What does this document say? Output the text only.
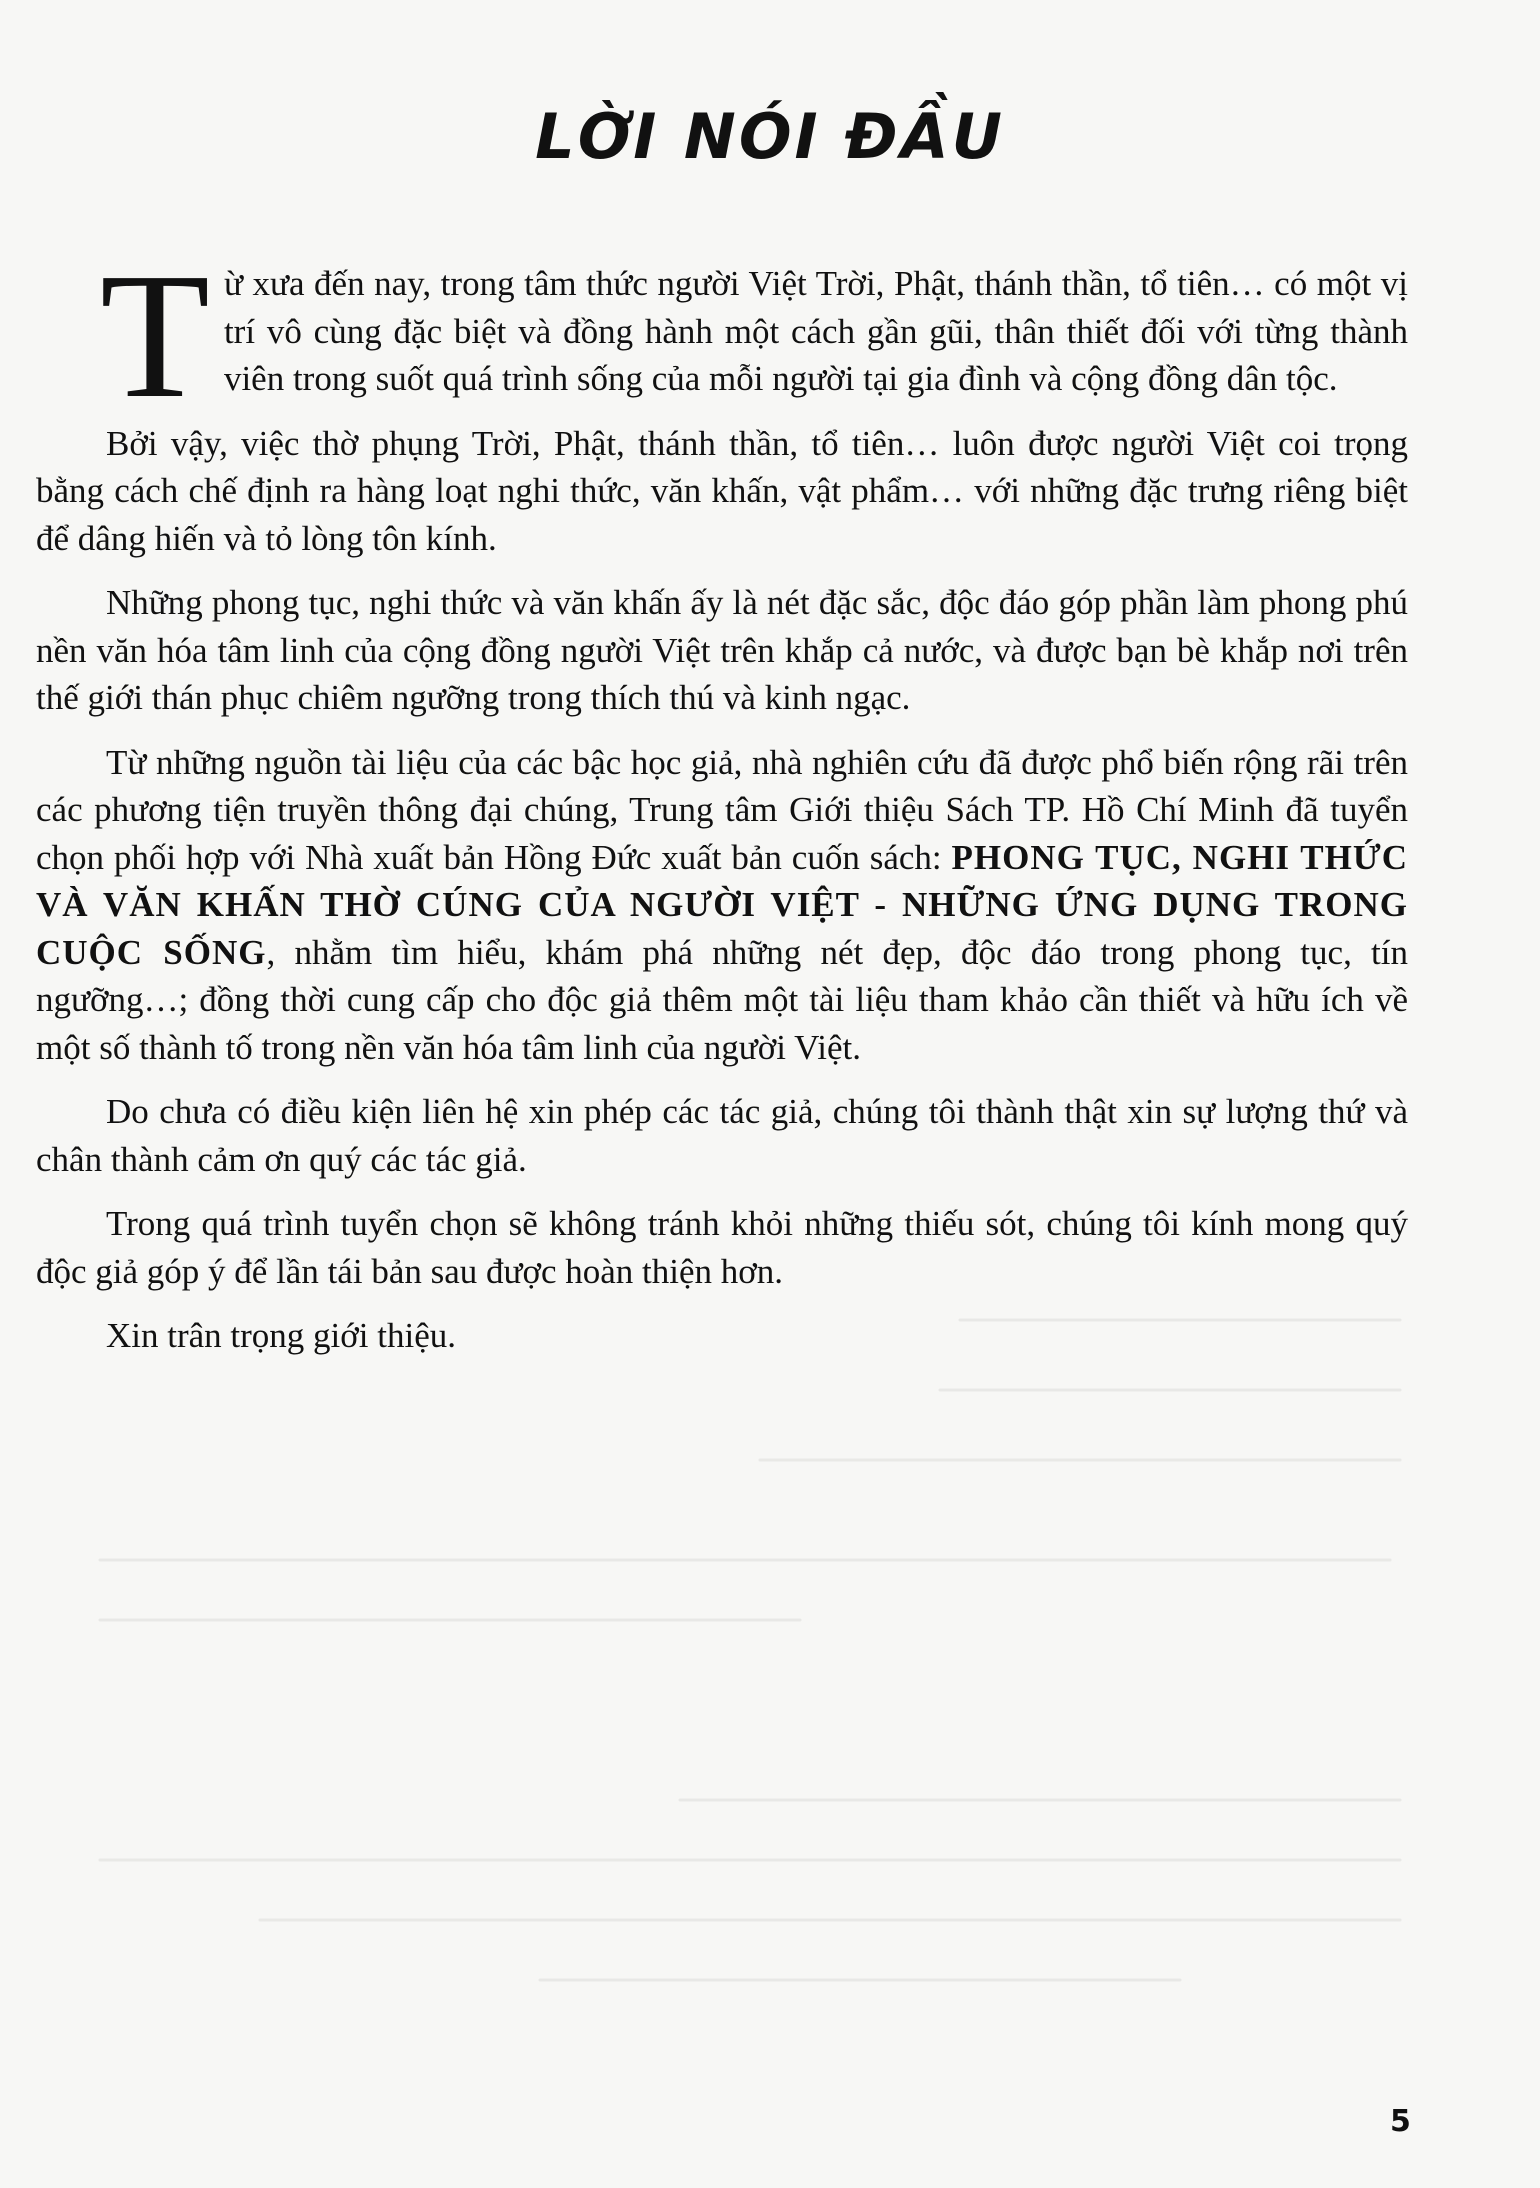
LỜI NÓI ĐẦU

Từ xưa đến nay, trong tâm thức người Việt Trời, Phật, thánh thần, tổ tiên… có một vị trí vô cùng đặc biệt và đồng hành một cách gần gũi, thân thiết đối với từng thành viên trong suốt quá trình sống của mỗi người tại gia đình và cộng đồng dân tộc.

Bởi vậy, việc thờ phụng Trời, Phật, thánh thần, tổ tiên… luôn được người Việt coi trọng bằng cách chế định ra hàng loạt nghi thức, văn khấn, vật phẩm… với những đặc trưng riêng biệt để dâng hiến và tỏ lòng tôn kính.

Những phong tục, nghi thức và văn khấn ấy là nét đặc sắc, độc đáo góp phần làm phong phú nền văn hóa tâm linh của cộng đồng người Việt trên khắp cả nước, và được bạn bè khắp nơi trên thế giới thán phục chiêm ngưỡng trong thích thú và kinh ngạc.

Từ những nguồn tài liệu của các bậc học giả, nhà nghiên cứu đã được phổ biến rộng rãi trên các phương tiện truyền thông đại chúng, Trung tâm Giới thiệu Sách TP. Hồ Chí Minh đã tuyển chọn phối hợp với Nhà xuất bản Hồng Đức xuất bản cuốn sách: PHONG TỤC, NGHI THỨC VÀ VĂN KHẤN THỜ CÚNG CỦA NGƯỜI VIỆT - NHỮNG ỨNG DỤNG TRONG CUỘC SỐNG, nhằm tìm hiểu, khám phá những nét đẹp, độc đáo trong phong tục, tín ngưỡng…; đồng thời cung cấp cho độc giả thêm một tài liệu tham khảo cần thiết và hữu ích về một số thành tố trong nền văn hóa tâm linh của người Việt.

Do chưa có điều kiện liên hệ xin phép các tác giả, chúng tôi thành thật xin sự lượng thứ và chân thành cảm ơn quý các tác giả.

Trong quá trình tuyển chọn sẽ không tránh khỏi những thiếu sót, chúng tôi kính mong quý độc giả góp ý để lần tái bản sau được hoàn thiện hơn.

Xin trân trọng giới thiệu.

5
